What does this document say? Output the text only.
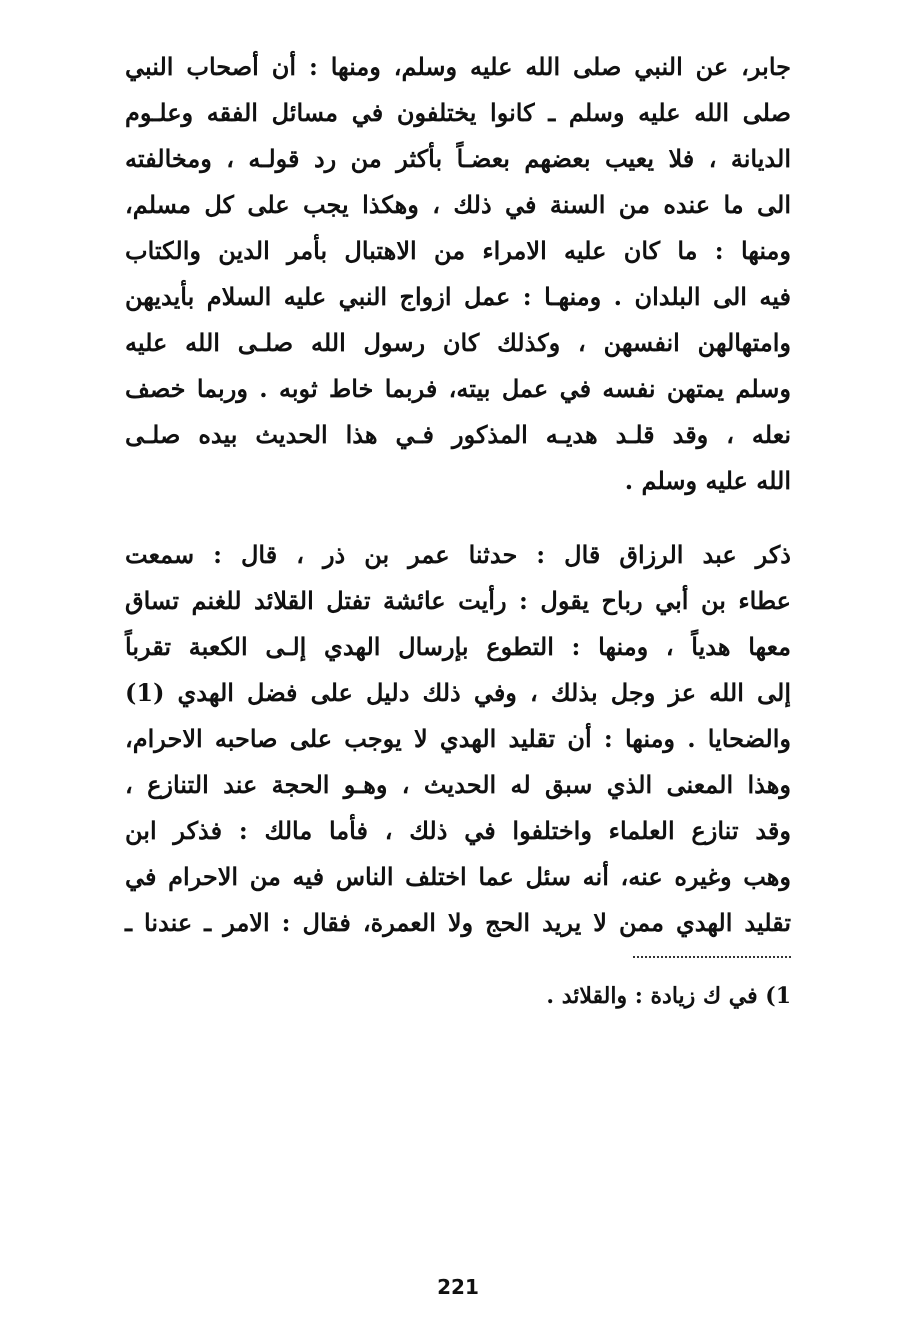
جابر، عن النبي صلى الله عليه وسلم، ومنها : أن أصحاب النبي
صلى الله عليه وسلم ـ كانوا يختلفون في مسائل الفقه وعلـوم
الديانة ، فلا يعيب بعضهم بعضـاً بأكثر من رد قولـه ، ومخالفته
الى ما عنده من السنة في ذلك ، وهكذا يجب على كل مسلم،
ومنها : ما كان عليه الامراء من الاهتبال بأمر الدين والكتاب
فيه الى البلدان . ومنهـا : عمل ازواج النبي عليه السلام بأيديهن
وامتهالهن انفسهن ، وكذلك كان رسول الله صلـى الله عليه
وسلم يمتهن نفسه في عمل بيته، فربما خاط ثوبه . وربما خصف
نعله ، وقد قلـد هديـه المذكور فـي هذا الحديث بيده صلـى
الله عليه وسلم .
ذكر عبد الرزاق قال : حدثنا عمر بن ذر ، قال : سمعت
عطاء بن أبي رباح يقول : رأيت عائشة تفتل القلائد للغنم تساق
معها هدياً ، ومنها : التطوع بإرسال الهدي إلـى الكعبة تقرباً
إلى الله عز وجل بذلك ، وفي ذلك دليل على فضل الهدي (1)
والضحايا . ومنها : أن تقليد الهدي لا يوجب على صاحبه الاحرام،
وهذا المعنى الذي سبق له الحديث ، وهـو الحجة عند التنازع ،
وقد تنازع العلماء واختلفوا في ذلك ، فأما مالك : فذكر ابن
وهب وغيره عنه، أنه سئل عما اختلف الناس فيه من الاحرام في
تقليد الهدي ممن لا يريد الحج ولا العمرة، فقال : الامر ـ عندنا ـ
1) في ك زيادة : والقلائد .
221
